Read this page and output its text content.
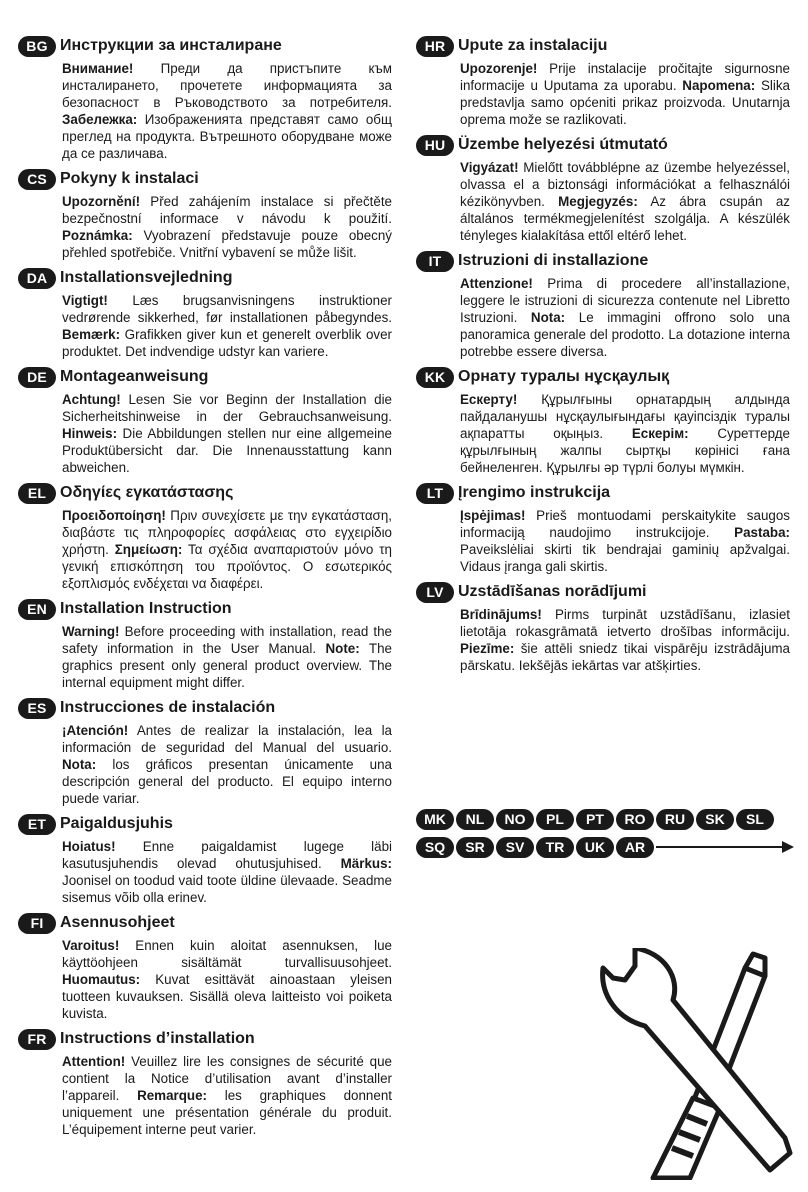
BG Инструкции за инсталиране
Внимание! Преди да пристъпите към инсталирането, прочетете информацията за безопасност в Ръководството за потребителя. Забележка: Изображенията представят само общ преглед на продукта. Вътрешното оборудване може да се различава.
CS Pokyny k instalaci
Upozornění! Před zahájením instalace si přečtěte bezpečnostní informace v návodu k použití. Poznámka: Vyobrazení představuje pouze obecný přehled spotřebiče. Vnitřní vybavení se může lišit.
DA Installationsvejledning
Vigtigt! Læs brugsanvisningens instruktioner vedrørende sikkerhed, før installationen påbegyndes. Bemærk: Grafikken giver kun et generelt overblik over produktet. Det indvendige udstyr kan variere.
DE Montageanweisung
Achtung! Lesen Sie vor Beginn der Installation die Sicherheitshinweise in der Gebrauchsanweisung. Hinweis: Die Abbildungen stellen nur eine allgemeine Produktübersicht dar. Die Innenausstattung kann abweichen.
EL Οδηγίες εγκατάστασης
Προειδοποίηση! Πριν συνεχίσετε με την εγκατάσταση, διαβάστε τις πληροφορίες ασφάλειας στο εγχειρίδιο χρήστη. Σημείωση: Τα σχέδια αναπαριστούν μόνο τη γενική επισκόπηση του προϊόντος. Ο εσωτερικός εξοπλισμός ενδέχεται να διαφέρει.
EN Installation Instruction
Warning! Before proceeding with installation, read the safety information in the User Manual. Note: The graphics present only general product overview. The internal equipment might differ.
ES Instrucciones de instalación
¡Atención! Antes de realizar la instalación, lea la información de seguridad del Manual del usuario. Nota: los gráficos presentan únicamente una descripción general del producto. El equipo interno puede variar.
ET Paigaldusjuhis
Hoiatus! Enne paigaldamist lugege läbi kasutusjuhendis olevad ohutusjuhised. Märkus: Joonisel on toodud vaid toote üldine ülevaade. Seadme sisemus võib olla erinev.
FI	Asennusohjeet
Varoitus! Ennen kuin aloitat asennuksen, lue käyttöohjeen sisältämät turvallisuusohjeet. Huomautus: Kuvat esittävät ainoastaan yleisen tuotteen kuvauksen. Sisällä oleva laitteisto voi poiketa kuvista.
FR Instructions d’installation
Attention! Veuillez lire les consignes de sécurité que contient la Notice d’utilisation avant d’installer l’appareil. Remarque: les graphiques donnent uniquement une présentation générale du produit. L’équipement interne peut varier.
HR Upute za instalaciju
Upozorenje! Prije instalacije pročitajte sigurnosne informacije u Uputama za uporabu. Napomena: Slika predstavlja samo općeniti prikaz proizvoda. Unutarnja oprema može se razlikovati.
HU Üzembe helyezési útmutató
Vigyázat! Mielőtt továbblépne az üzembe helyezéssel, olvassa el a biztonsági információkat a felhasználói kézikönyvben. Megjegyzés: Az ábra csupán az általános termékmegjelenítést szolgálja. A készülék tényleges kialakítása ettől eltérő lehet.
IT	Istruzioni di installazione
Attenzione! Prima di procedere all’installazione, leggere le istruzioni di sicurezza contenute nel Libretto Istruzioni. Nota: Le immagini offrono solo una panoramica generale del prodotto. La dotazione interna potrebbe essere diversa.
KK Орнату туралы нұсқаулық
Ескерту! Құрылғыны орнатардың алдында пайдаланушы нұсқаулығындағы қауіпсіздік туралы ақпаратты оқыңыз. Ескерім: Суреттерде құрылғының жалпы сыртқы көрінісі ғана бейнеленген. Құрылғы әр түрлі болуы мүмкін.
LT Įrengimo instrukcija
Įspėjimas! Prieš montuodami perskaitykite saugos informaciją naudojimo instrukcijoje. Pastaba: Paveikslėliai skirti tik bendrajai gaminių apžvalgai. Vidaus įranga gali skirtis.
LV Uzstādīšanas norādījumi
Brīdinājums! Pirms turpināt uzstādīšanu, izlasiet lietotāja rokasgrāmatā ietverto drošības informāciju. Piezīme: šie attēli sniedz tikai vispārēju izstrādājuma pārskatu. Iekšējās iekārtas var atšķirties.
MK	NL	NO	PL	PT	RO	RU	SK	SL
SQ	SR	SV	TR	UK	AR
